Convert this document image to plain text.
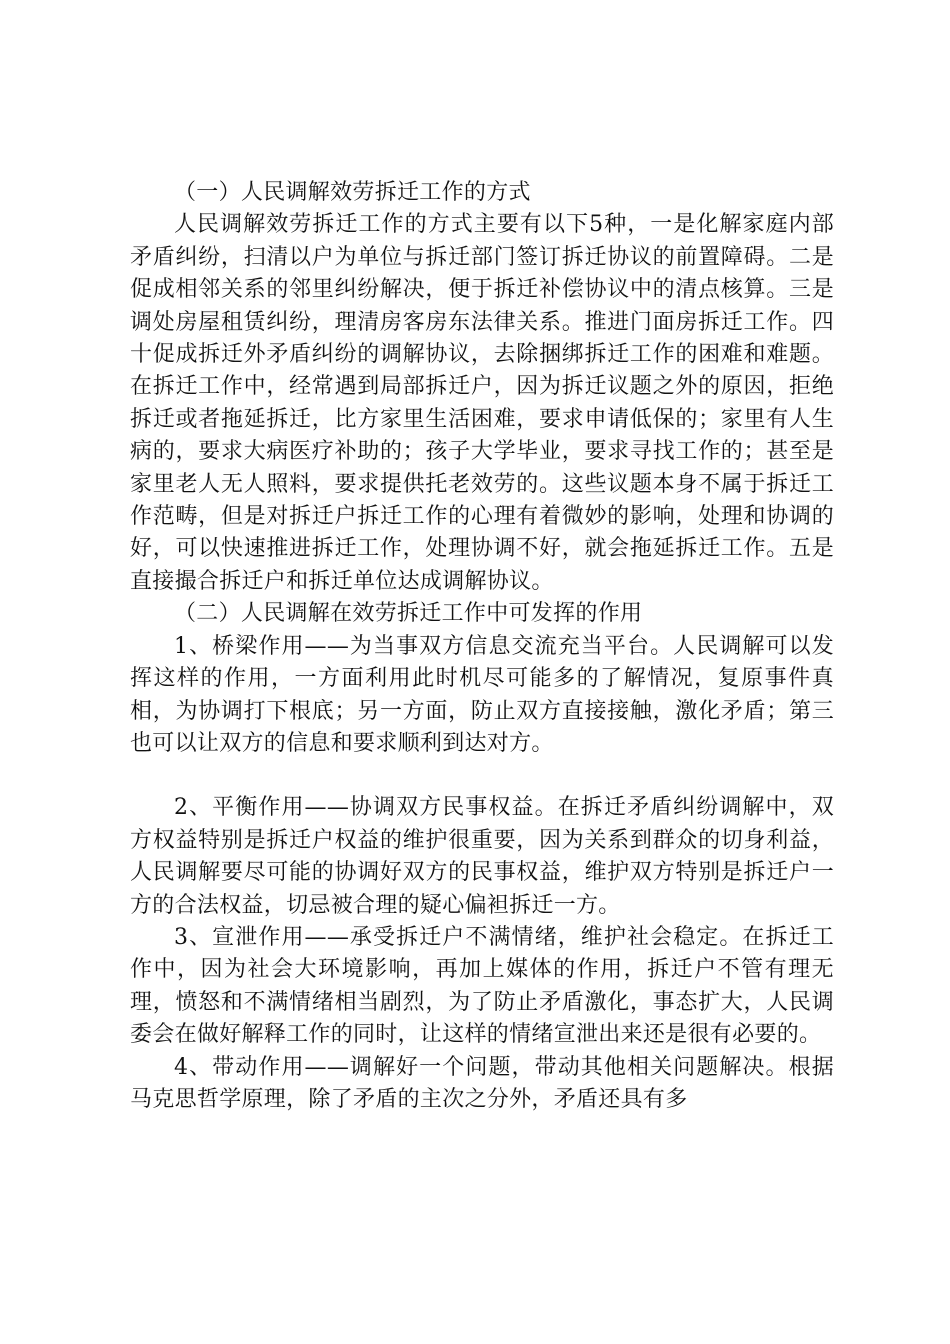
（一）人民调解效劳拆迁工作的方式

人民调解效劳拆迁工作的方式主要有以下5种，一是化解家庭内部矛盾纠纷，扫清以户为单位与拆迁部门签订拆迁协议的前置障碍。二是促成相邻关系的邻里纠纷解决，便于拆迁补偿协议中的清点核算。三是调处房屋租赁纠纷，理清房客房东法律关系。推进门面房拆迁工作。四十促成拆迁外矛盾纠纷的调解协议，去除捆绑拆迁工作的困难和难题。在拆迁工作中，经常遇到局部拆迁户，因为拆迁议题之外的原因，拒绝拆迁或者拖延拆迁，比方家里生活困难，要求申请低保的；家里有人生病的，要求大病医疗补助的；孩子大学毕业，要求寻找工作的；甚至是家里老人无人照料，要求提供托老效劳的。这些议题本身不属于拆迁工作范畴，但是对拆迁户拆迁工作的心理有着微妙的影响，处理和协调的好，可以快速推进拆迁工作，处理协调不好，就会拖延拆迁工作。五是直接撮合拆迁户和拆迁单位达成调解协议。

（二）人民调解在效劳拆迁工作中可发挥的作用

1、桥梁作用——为当事双方信息交流充当平台。人民调解可以发挥这样的作用，一方面利用此时机尽可能多的了解情况，复原事件真相，为协调打下根底；另一方面，防止双方直接接触，激化矛盾；第三也可以让双方的信息和要求顺利到达对方。

2、平衡作用——协调双方民事权益。在拆迁矛盾纠纷调解中，双方权益特别是拆迁户权益的维护很重要，因为关系到群众的切身利益，人民调解要尽可能的协调好双方的民事权益，维护双方特别是拆迁户一方的合法权益，切忌被合理的疑心偏袒拆迁一方。

3、宣泄作用——承受拆迁户不满情绪，维护社会稳定。在拆迁工作中，因为社会大环境影响，再加上媒体的作用，拆迁户不管有理无理，愤怒和不满情绪相当剧烈，为了防止矛盾激化，事态扩大，人民调委会在做好解释工作的同时，让这样的情绪宣泄出来还是很有必要的。

4、带动作用——调解好一个问题，带动其他相关问题解决。根据马克思哲学原理，除了矛盾的主次之分外，矛盾还具有多
